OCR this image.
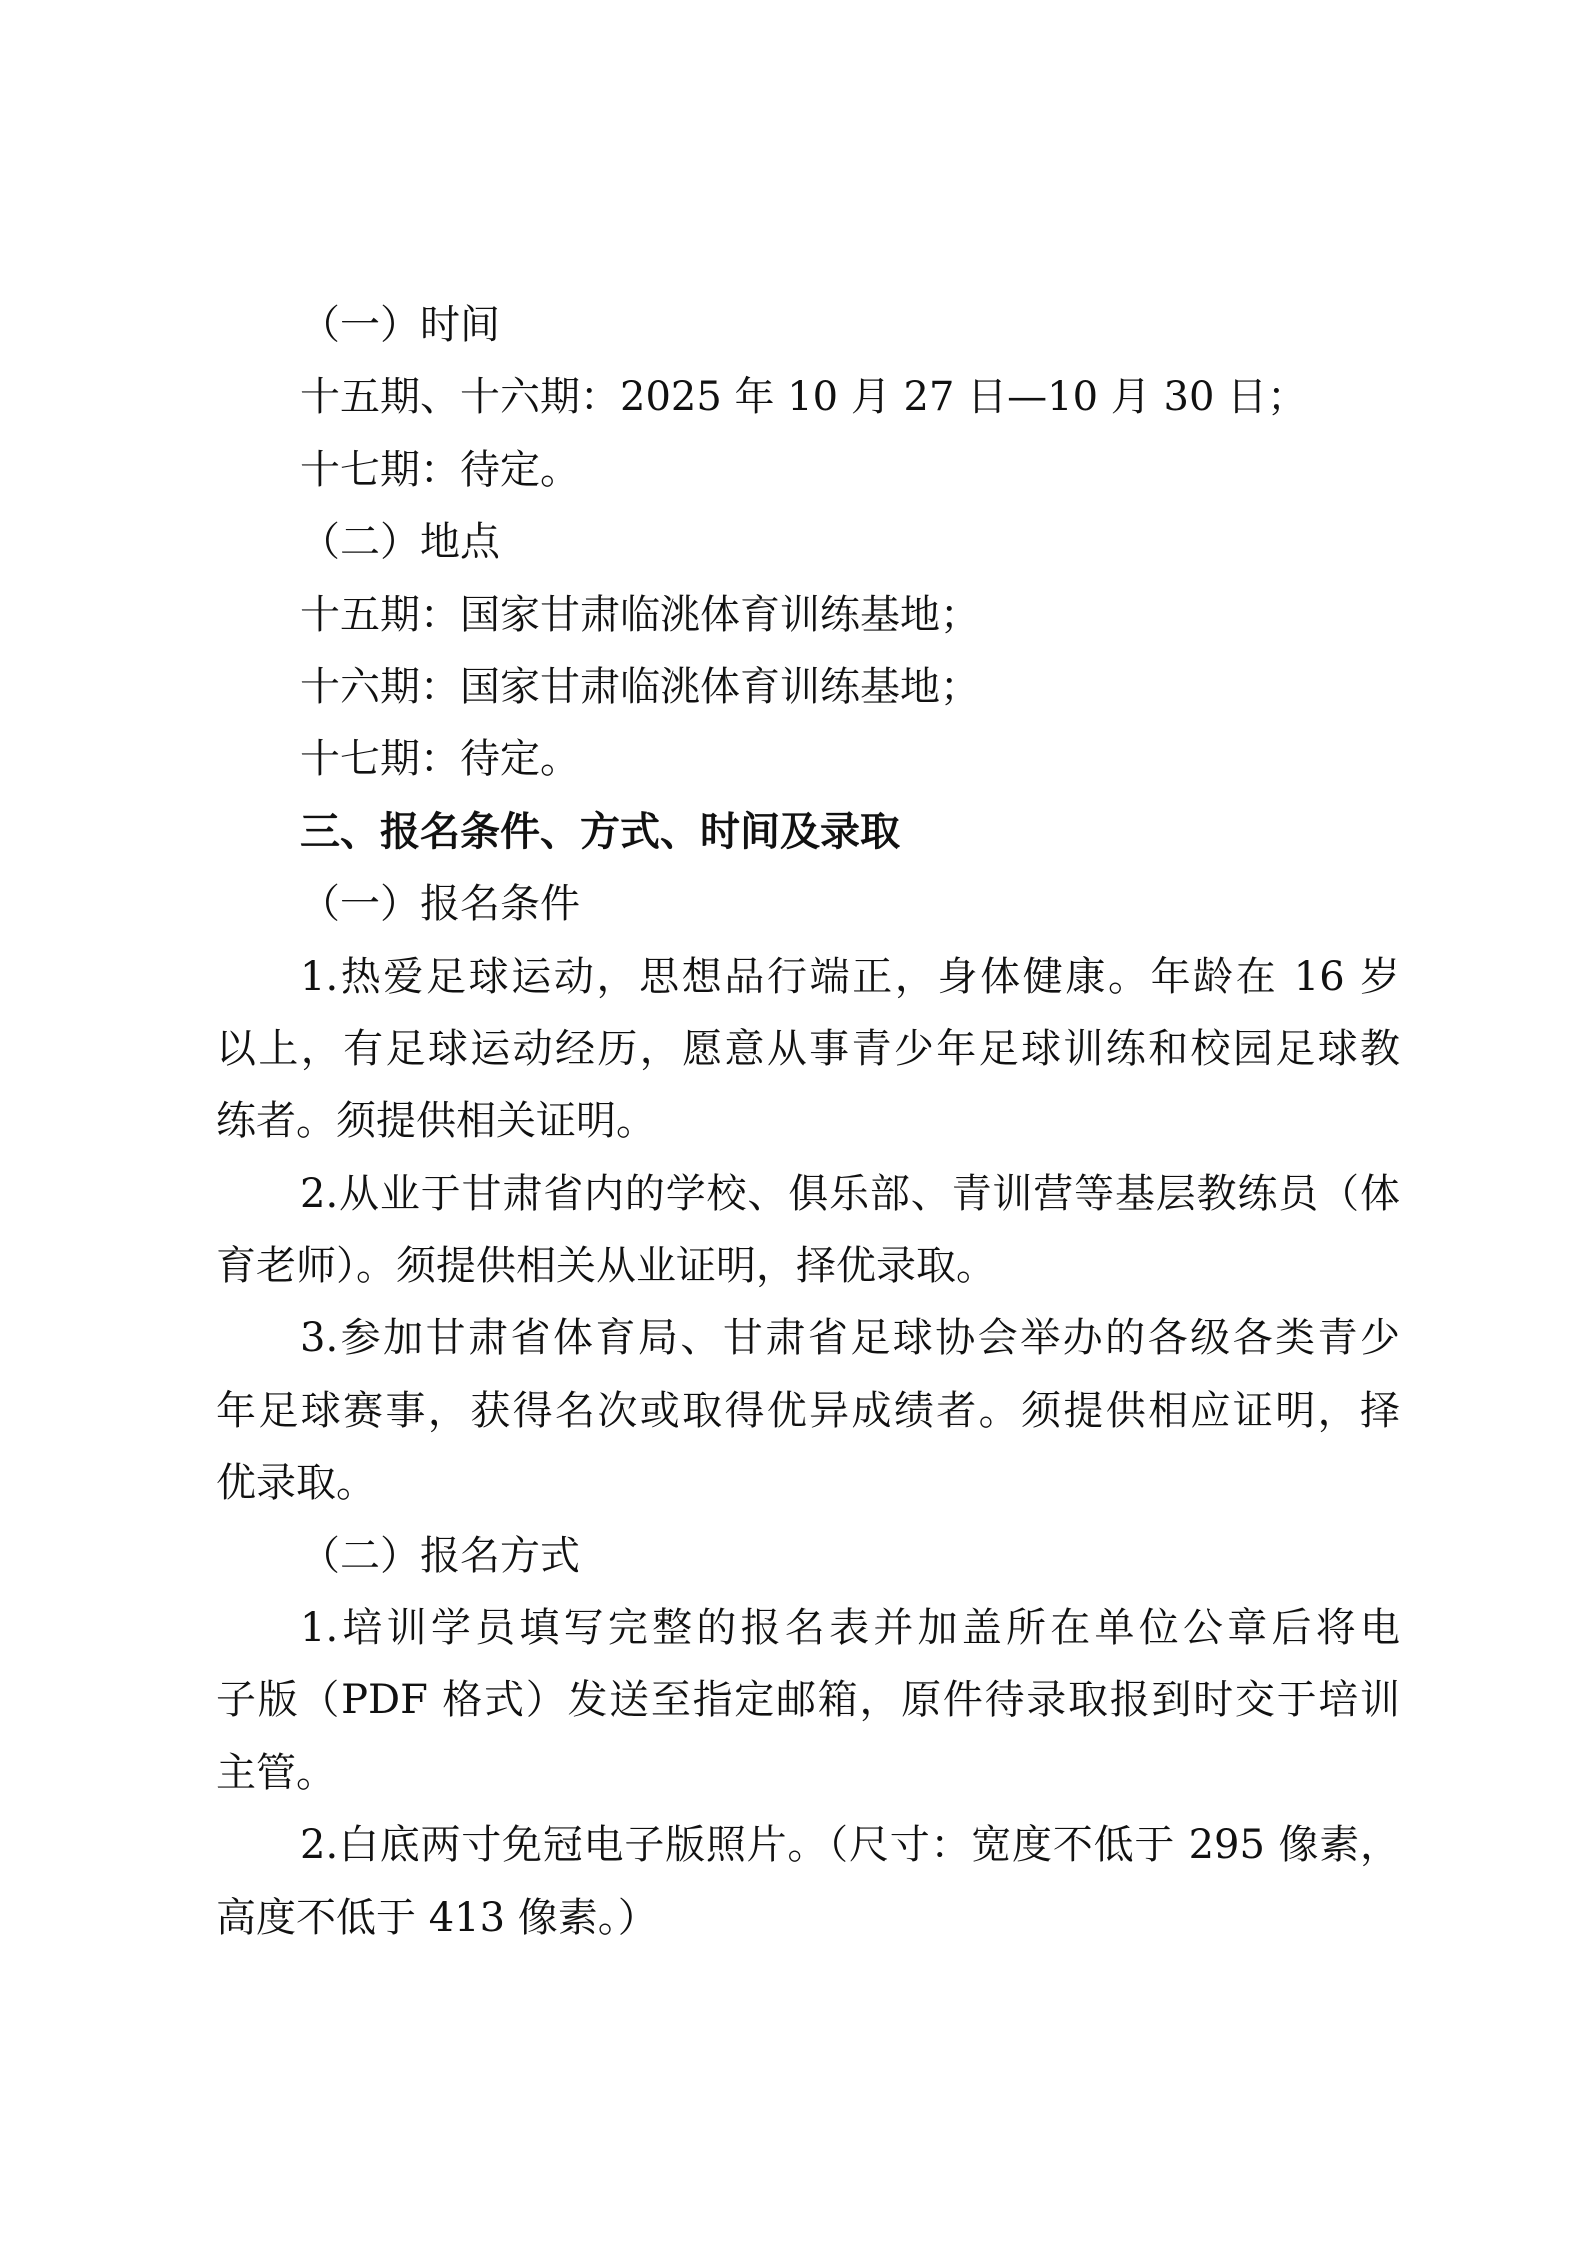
（一）时间
十五期、十六期：2025 年 10 月 27 日—10 月 30 日；
十七期：待定。
（二）地点
十五期：国家甘肃临洮体育训练基地；
十六期：国家甘肃临洮体育训练基地；
十七期：待定。
三、报名条件、方式、时间及录取
（一）报名条件
1.热爱足球运动，思想品行端正，身体健康。年龄在 16 岁
以上，有足球运动经历，愿意从事青少年足球训练和校园足球教
练者。须提供相关证明。
2.从业于甘肃省内的学校、俱乐部、青训营等基层教练员（体
育老师）。须提供相关从业证明，择优录取。
3.参加甘肃省体育局、甘肃省足球协会举办的各级各类青少
年足球赛事，获得名次或取得优异成绩者。须提供相应证明，择
优录取。
（二）报名方式
1.培训学员填写完整的报名表并加盖所在单位公章后将电
子版（PDF 格式）发送至指定邮箱，原件待录取报到时交于培训
主管。
2.白底两寸免冠电子版照片。（尺寸：宽度不低于 295 像素，
高度不低于 413 像素。）
